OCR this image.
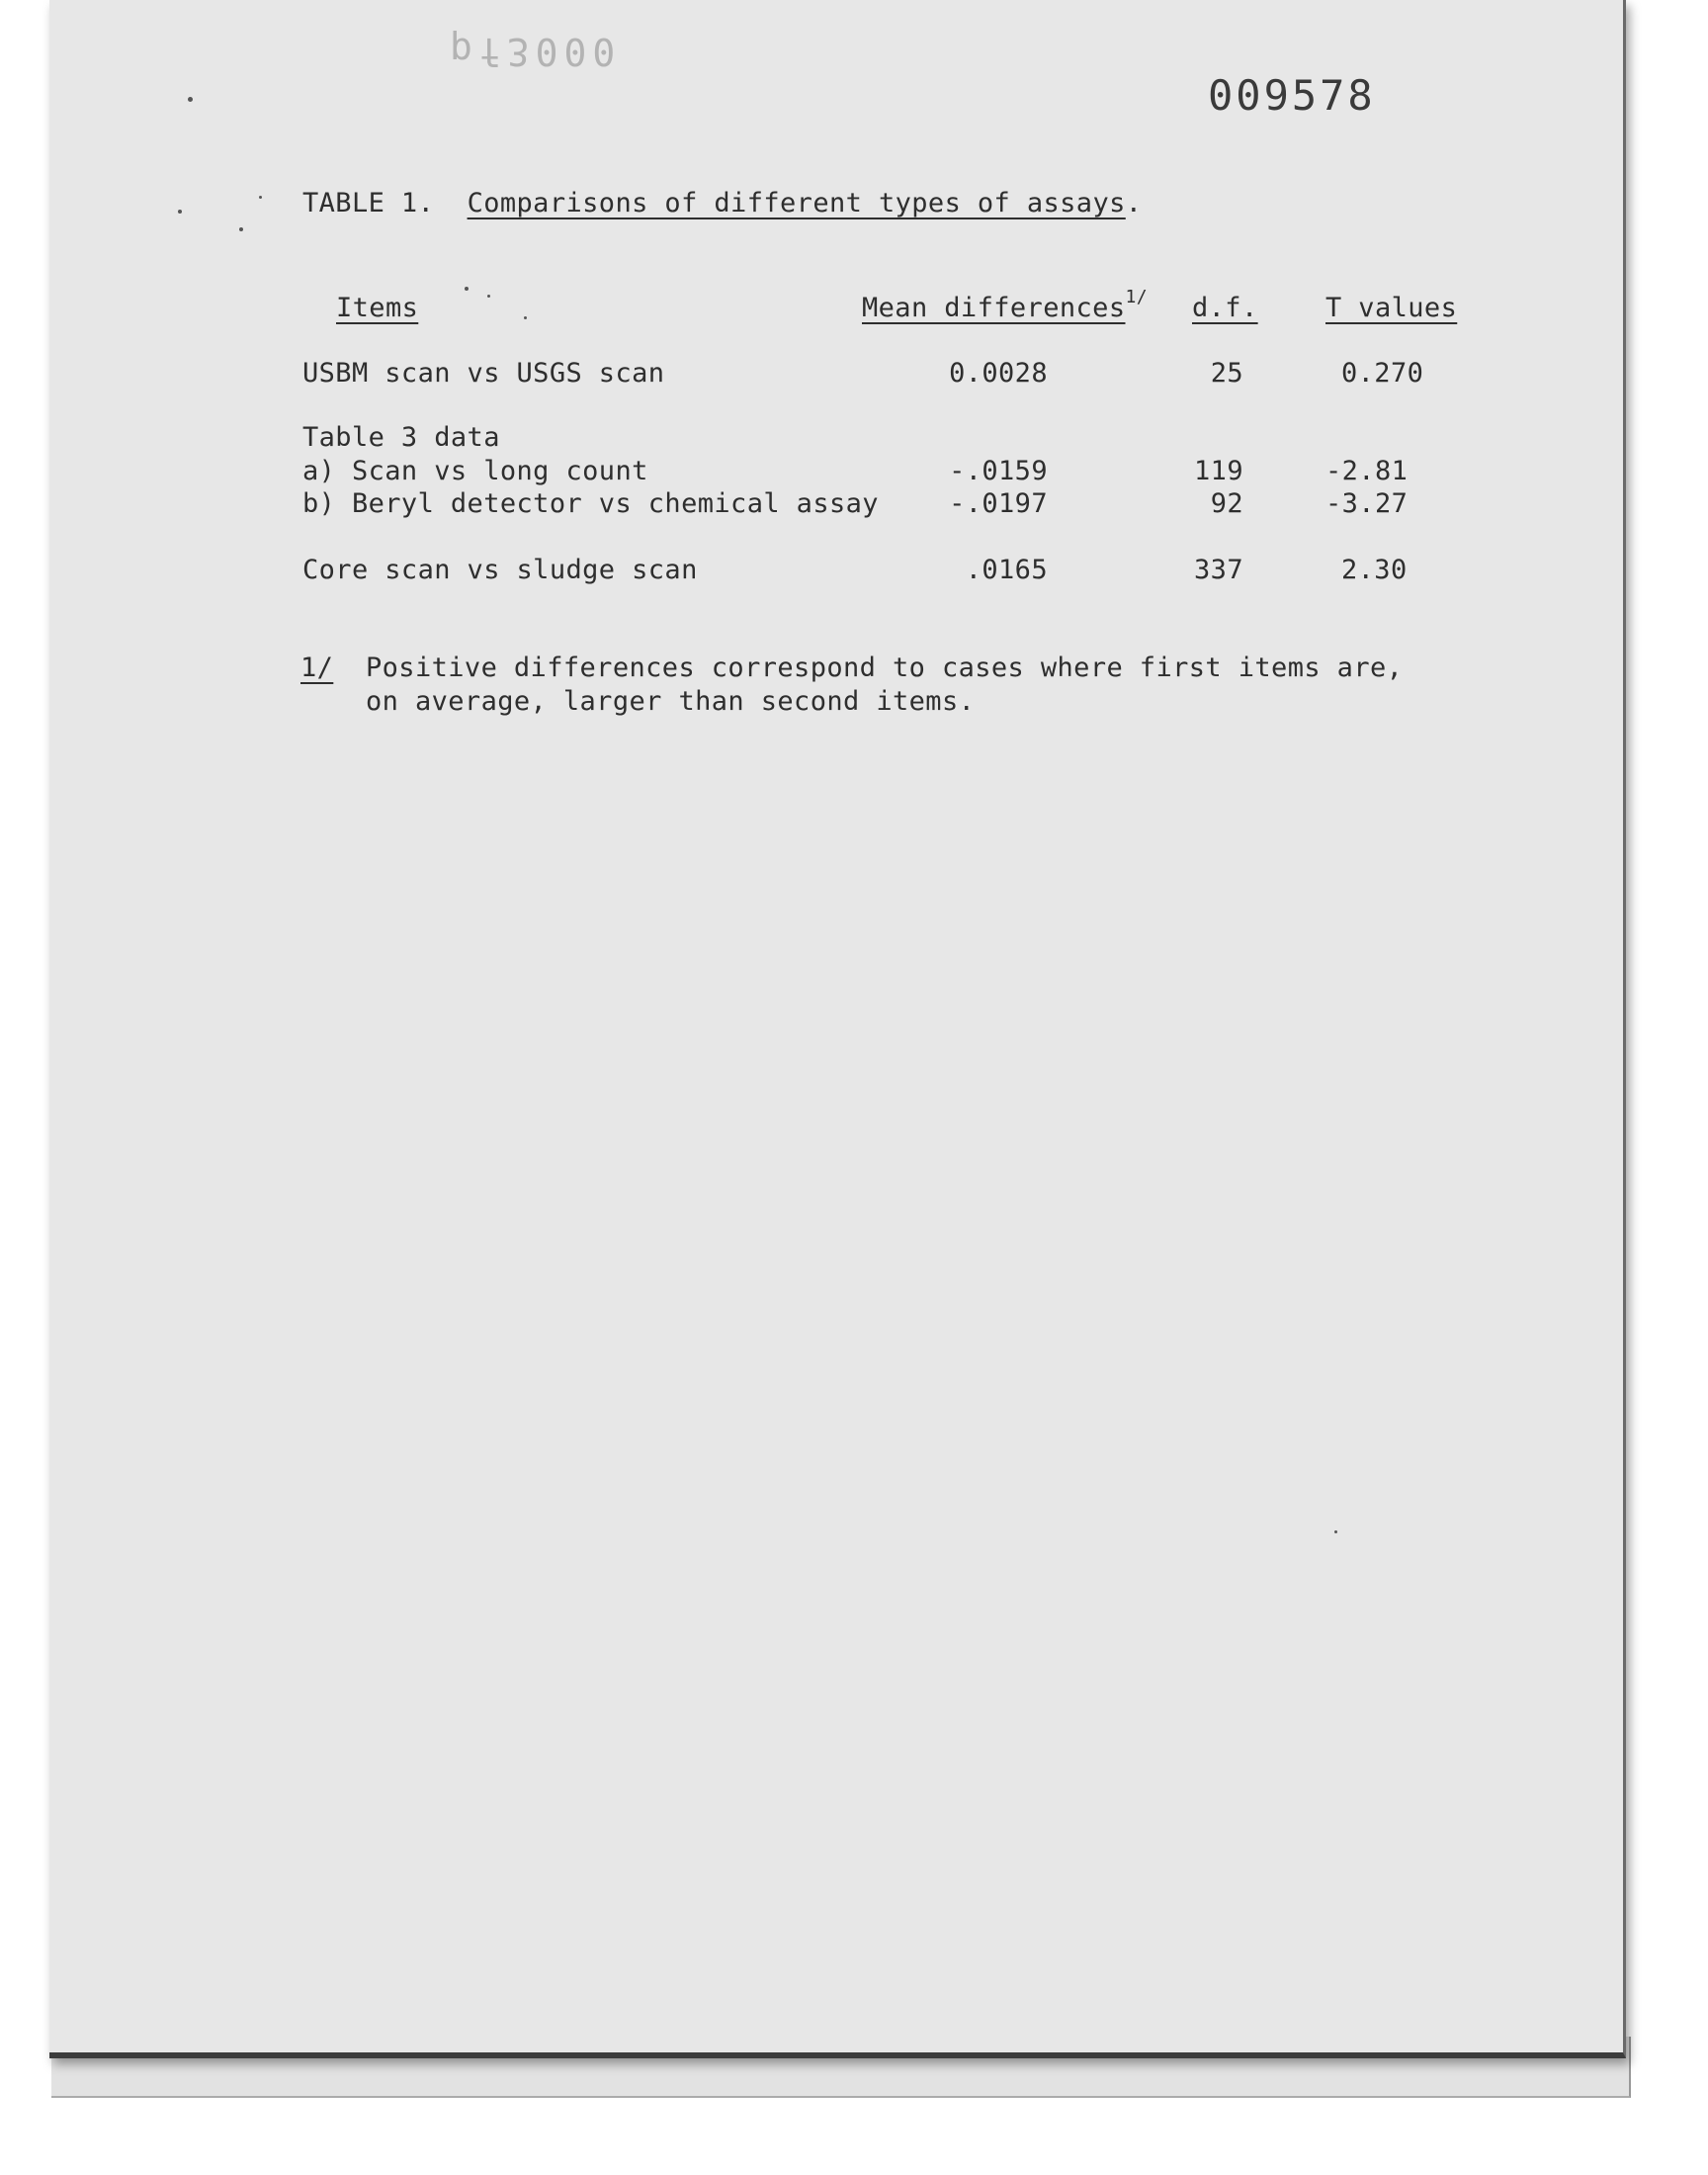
pf3000
009578
TABLE 1. Comparisons of different types of assays.
Items	Mean differences$^{1/}$ d.f.	T values
USBM scan vs USGS scan	0.0028	25	0.270
Table 3 data
a) Scan vs long count	-.0159	119	-2.81
b) Beryl detector vs chemical assay	-.0197	92	-3.27
Core scan vs sludge scan	.0165	337	2.30
1/ Positive differences correspond to cases where first items are,
on average, larger than second items.
